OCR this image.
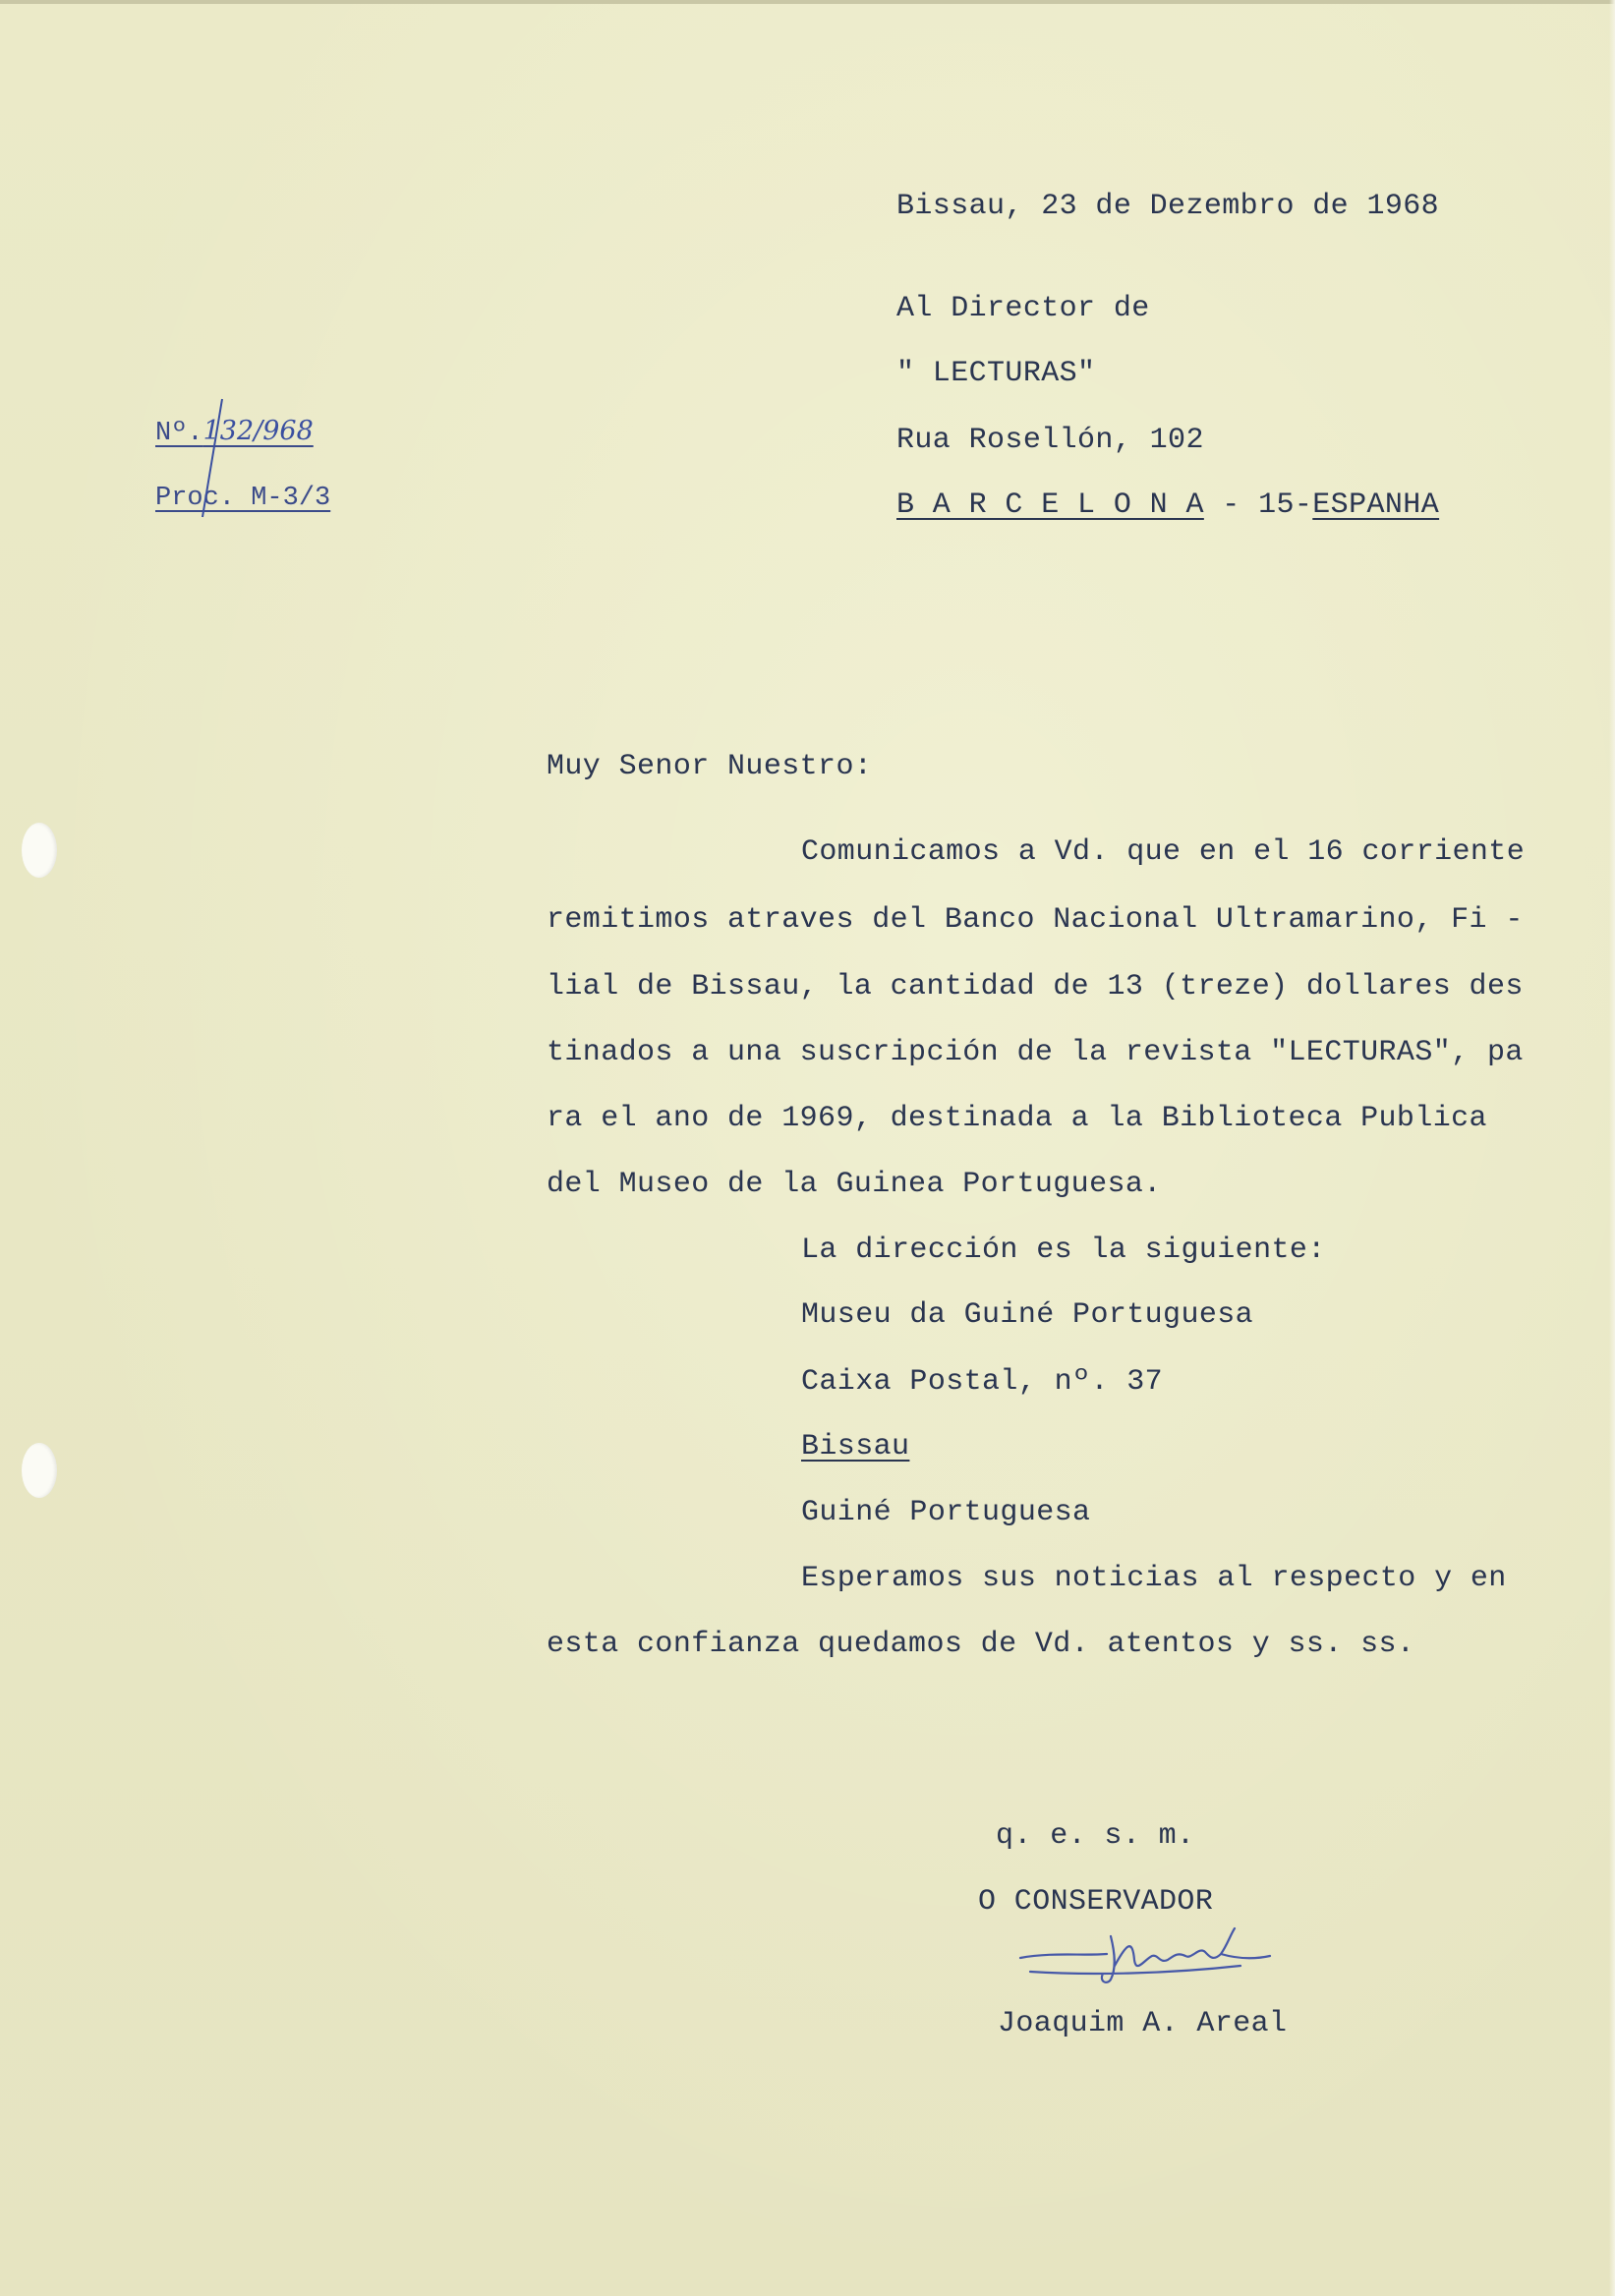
Bissau, 23 de Dezembro de 1968
Al Director de
" LECTURAS"
Rua Rosellón, 102
B A R C E L O N A - 15-ESPANHA
Nº.132/968
Proc. M-3/3
Muy Senor Nuestro:
Comunicamos a Vd. que en el 16 corriente
remitimos atraves del Banco Nacional Ultramarino, Fi -
lial de Bissau, la cantidad de 13 (treze) dollares des
tinados a una suscripción de la revista "LECTURAS", pa
ra el ano de 1969, destinada a la Biblioteca Publica
del Museo de la Guinea Portuguesa.
La dirección es la siguiente:
Museu da Guiné Portuguesa
Caixa Postal, nº. 37
Bissau
Guiné Portuguesa
Esperamos sus noticias al respecto y en
esta confianza quedamos de Vd. atentos y ss. ss.
q. e. s. m.
O CONSERVADOR
Joaquim A. Areal
